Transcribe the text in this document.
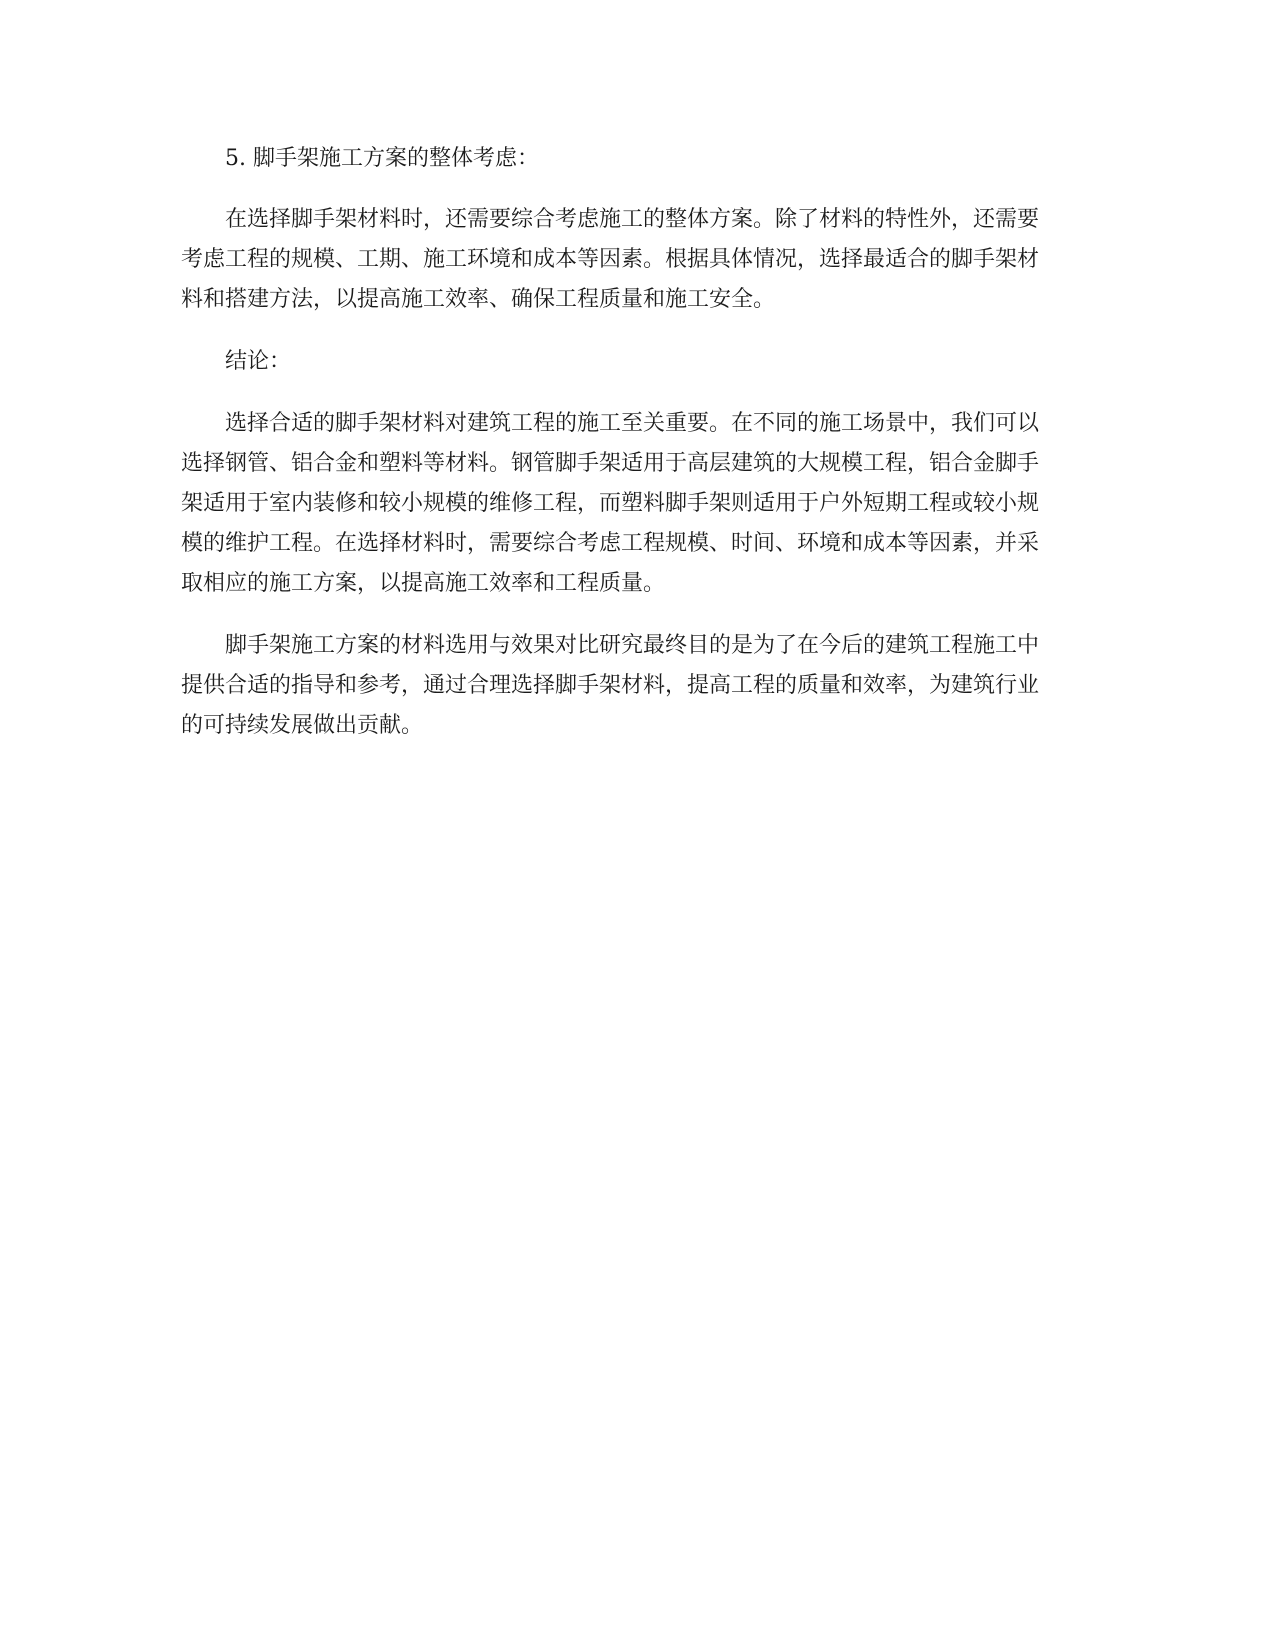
5. 脚手架施工方案的整体考虑：

在选择脚手架材料时，还需要综合考虑施工的整体方案。除了材料的特性外，还需要考虑工程的规模、工期、施工环境和成本等因素。根据具体情况，选择最适合的脚手架材料和搭建方法，以提高施工效率、确保工程质量和施工安全。

结论：

选择合适的脚手架材料对建筑工程的施工至关重要。在不同的施工场景中，我们可以选择钢管、铝合金和塑料等材料。钢管脚手架适用于高层建筑的大规模工程，铝合金脚手架适用于室内装修和较小规模的维修工程，而塑料脚手架则适用于户外短期工程或较小规模的维护工程。在选择材料时，需要综合考虑工程规模、时间、环境和成本等因素，并采取相应的施工方案，以提高施工效率和工程质量。

脚手架施工方案的材料选用与效果对比研究最终目的是为了在今后的建筑工程施工中提供合适的指导和参考，通过合理选择脚手架材料，提高工程的质量和效率，为建筑行业的可持续发展做出贡献。
